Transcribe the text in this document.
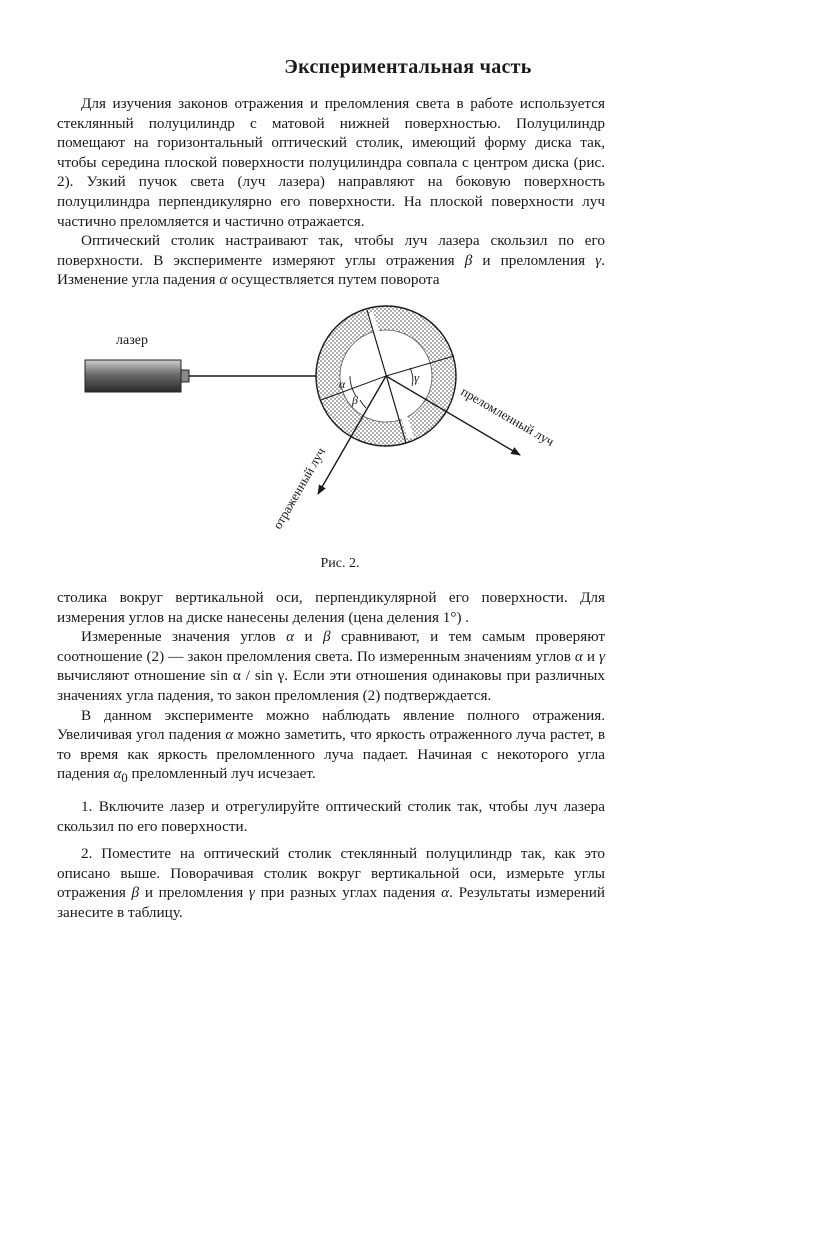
Экспериментальная часть

Для изучения законов отражения и преломления света в работе используется стеклянный полуцилиндр с матовой нижней поверхностью. Полуцилиндр помещают на горизонтальный оптический столик, имеющий форму диска так, чтобы середина плоской поверхности полуцилиндра совпала с центром диска (рис. 2). Узкий пучок света (луч лазера) направляют на боковую поверхность полуцилиндра перпендикулярно его поверхности. На плоской поверхности луч частично преломляется и частично отражается.

Оптический столик настраивают так, чтобы луч лазера скользил по его поверхности. В эксперименте измеряют углы отражения β и преломления γ. Изменение угла падения α осуществляется путем поворота

лазер
α
β
γ
преломленный луч
отраженный луч

Рис. 2.

столика вокруг вертикальной оси, перпендикулярной его поверхности. Для измерения углов на диске нанесены деления (цена деления 1°) .

Измеренные значения углов α и β сравнивают, и тем самым проверяют соотношение (2) — закон преломления света. По измеренным значениям углов α и γ вычисляют отношение sin α / sin γ. Если эти отношения одинаковы при различных значениях угла падения, то закон преломления (2) подтверждается.

В данном эксперименте можно наблюдать явление полного отражения. Увеличивая угол падения α можно заметить, что яркость отраженного луча растет, в то время как яркость преломленного луча падает. Начиная с некоторого угла падения $\alpha_0$ преломленный луч исчезает.

1. Включите лазер и отрегулируйте оптический столик так, чтобы луч лазера скользил по его поверхности.

2. Поместите на оптический столик стеклянный полуцилиндр так, как это описано выше. Поворачивая столик вокруг вертикальной оси, измерьте углы отражения β и преломления γ при разных углах падения α. Результаты измерений занесите в таблицу.
